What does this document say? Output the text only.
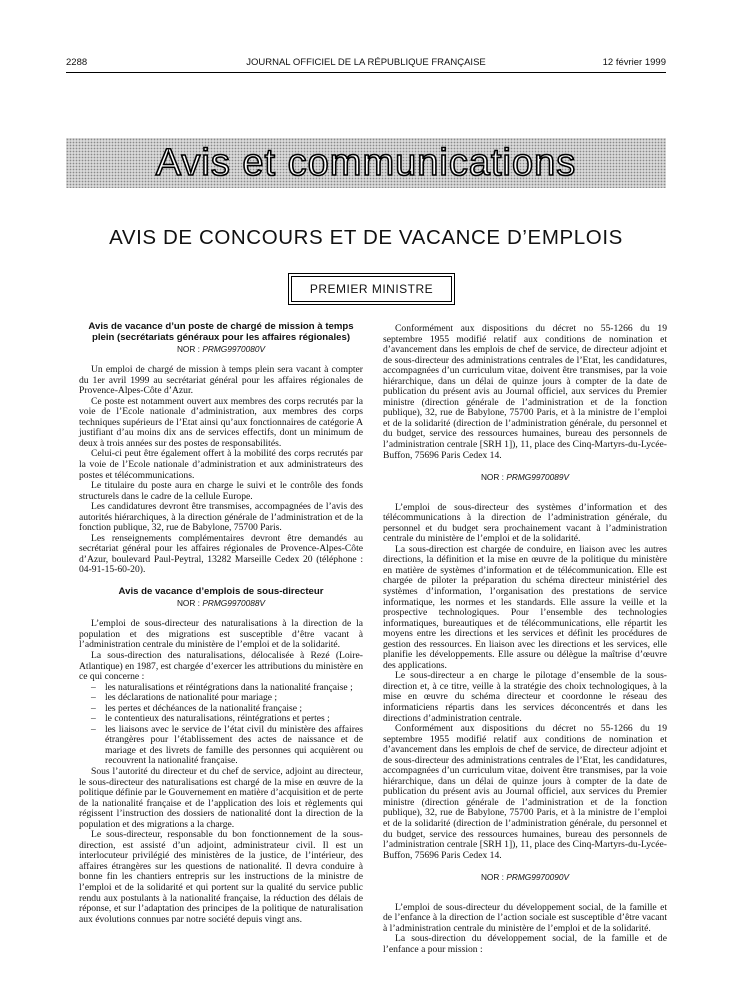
2288	JOURNAL OFFICIEL DE LA RÉPUBLIQUE FRANÇAISE	12 février 1999
Avis et communications
AVIS DE CONCOURS ET DE VACANCE D’EMPLOIS
PREMIER MINISTRE
Avis de vacance d’un poste de chargé de mission à temps plein (secrétariats généraux pour les affaires régionales)
NOR : PRMG9970080V

Un emploi de chargé de mission à temps plein sera vacant à compter du 1er avril 1999 au secrétariat général pour les affaires régionales de Provence-Alpes-Côte d’Azur.

Ce poste est notamment ouvert aux membres des corps recrutés par la voie de l’Ecole nationale d’administration, aux membres des corps techniques supérieurs de l’Etat ainsi qu’aux fonctionnaires de catégorie A justifiant d’au moins dix ans de services effectifs, dont un minimum de deux à trois années sur des postes de responsabilités.

Celui-ci peut être également offert à la mobilité des corps recrutés par la voie de l’Ecole nationale d’administration et aux administrateurs des postes et télécommunications.

Le titulaire du poste aura en charge le suivi et le contrôle des fonds structurels dans le cadre de la cellule Europe.

Les candidatures devront être transmises, accompagnées de l’avis des autorités hiérarchiques, à la direction générale de l’administration et de la fonction publique, 32, rue de Babylone, 75700 Paris.

Les renseignements complémentaires devront être demandés au secrétariat général pour les affaires régionales de Provence-Alpes-Côte d’Azur, boulevard Paul-Peytral, 13282 Marseille Cedex 20 (téléphone : 04-91-15-60-20).

Avis de vacance d’emplois de sous-directeur
NOR : PRMG9970088V

L’emploi de sous-directeur des naturalisations à la direction de la population et des migrations est susceptible d’être vacant à l’administration centrale du ministère de l’emploi et de la solidarité.

La sous-direction des naturalisations, délocalisée à Rezé (Loire-Atlantique) en 1987, est chargée d’exercer les attributions du ministère en ce qui concerne :

– les naturalisations et réintégrations dans la nationalité française ;
– les déclarations de nationalité pour mariage ;
– les pertes et déchéances de la nationalité française ;
– le contentieux des naturalisations, réintégrations et pertes ;
– les liaisons avec le service de l’état civil du ministère des affaires étrangères pour l’établissement des actes de naissance et de mariage et des livrets de famille des personnes qui acquièrent ou recouvrent la nationalité française.

Sous l’autorité du directeur et du chef de service, adjoint au directeur, le sous-directeur des naturalisations est chargé de la mise en œuvre de la politique définie par le Gouvernement en matière d’acquisition et de perte de la nationalité française et de l’application des lois et règlements qui régissent l’instruction des dossiers de nationalité dont la direction de la population et des migrations a la charge.

Le sous-directeur, responsable du bon fonctionnement de la sous-direction, est assisté d’un adjoint, administrateur civil. Il est un interlocuteur privilégié des ministères de la justice, de l’intérieur, des affaires étrangères sur les questions de nationalité. Il devra conduire à bonne fin les chantiers entrepris sur les instructions de la ministre de l’emploi et de la solidarité et qui portent sur la qualité du service public rendu aux postulants à la nationalité française, la réduction des délais de réponse, et sur l’adaptation des principes de la politique de naturalisation aux évolutions connues par notre société depuis vingt ans.

Conformément aux dispositions du décret no 55-1266 du 19 septembre 1955 modifié relatif aux conditions de nomination et d’avancement dans les emplois de chef de service, de directeur adjoint et de sous-directeur des administrations centrales de l’Etat, les candidatures, accompagnées d’un curriculum vitae, doivent être transmises, par la voie hiérarchique, dans un délai de quinze jours à compter de la date de publication du présent avis au Journal officiel, aux services du Premier ministre (direction générale de l’administration et de la fonction publique), 32, rue de Babylone, 75700 Paris, et à la ministre de l’emploi et de la solidarité (direction de l’administration générale, du personnel et du budget, service des ressources humaines, bureau des personnels de l’administration centrale [SRH 1]), 11, place des Cinq-Martyrs-du-Lycée-Buffon, 75696 Paris Cedex 14.

NOR : PRMG9970089V

L’emploi de sous-directeur des systèmes d’information et des télécommunications à la direction de l’administration générale, du personnel et du budget sera prochainement vacant à l’administration centrale du ministère de l’emploi et de la solidarité.

La sous-direction est chargée de conduire, en liaison avec les autres directions, la définition et la mise en œuvre de la politique du ministère en matière de systèmes d’information et de télécommunication. Elle est chargée de piloter la préparation du schéma directeur ministériel des systèmes d’information, l’organisation des prestations de service informatique, les normes et les standards. Elle assure la veille et la prospective technologiques. Pour l’ensemble des technologies informatiques, bureautiques et de télécommunications, elle répartit les moyens entre les directions et les services et définit les procédures de gestion des ressources. En liaison avec les directions et les services, elle planifie les développements. Elle assure ou délègue la maîtrise d’œuvre des applications.

Le sous-directeur a en charge le pilotage d’ensemble de la sous-direction et, à ce titre, veille à la stratégie des choix technologiques, à la mise en œuvre du schéma directeur et coordonne le réseau des informaticiens répartis dans les services déconcentrés et dans les directions d’administration centrale.

Conformément aux dispositions du décret no 55-1266 du 19 septembre 1955 modifié relatif aux conditions de nomination et d’avancement dans les emplois de chef de service, de directeur adjoint et de sous-directeur des administrations centrales de l’Etat, les candidatures, accompagnées d’un curriculum vitae, doivent être transmises, par la voie hiérarchique, dans un délai de quinze jours à compter de la date de publication du présent avis au Journal officiel, aux services du Premier ministre (direction générale de l’administration et de la fonction publique), 32, rue de Babylone, 75700 Paris, et à la ministre de l’emploi et de la solidarité (direction de l’administration générale, du personnel et du budget, service des ressources humaines, bureau des personnels de l’administration centrale [SRH 1]), 11, place des Cinq-Martyrs-du-Lycée-Buffon, 75696 Paris Cedex 14.

NOR : PRMG9970090V

L’emploi de sous-directeur du développement social, de la famille et de l’enfance à la direction de l’action sociale est susceptible d’être vacant à l’administration centrale du ministère de l’emploi et de la solidarité.

La sous-direction du développement social, de la famille et de l’enfance a pour mission :
